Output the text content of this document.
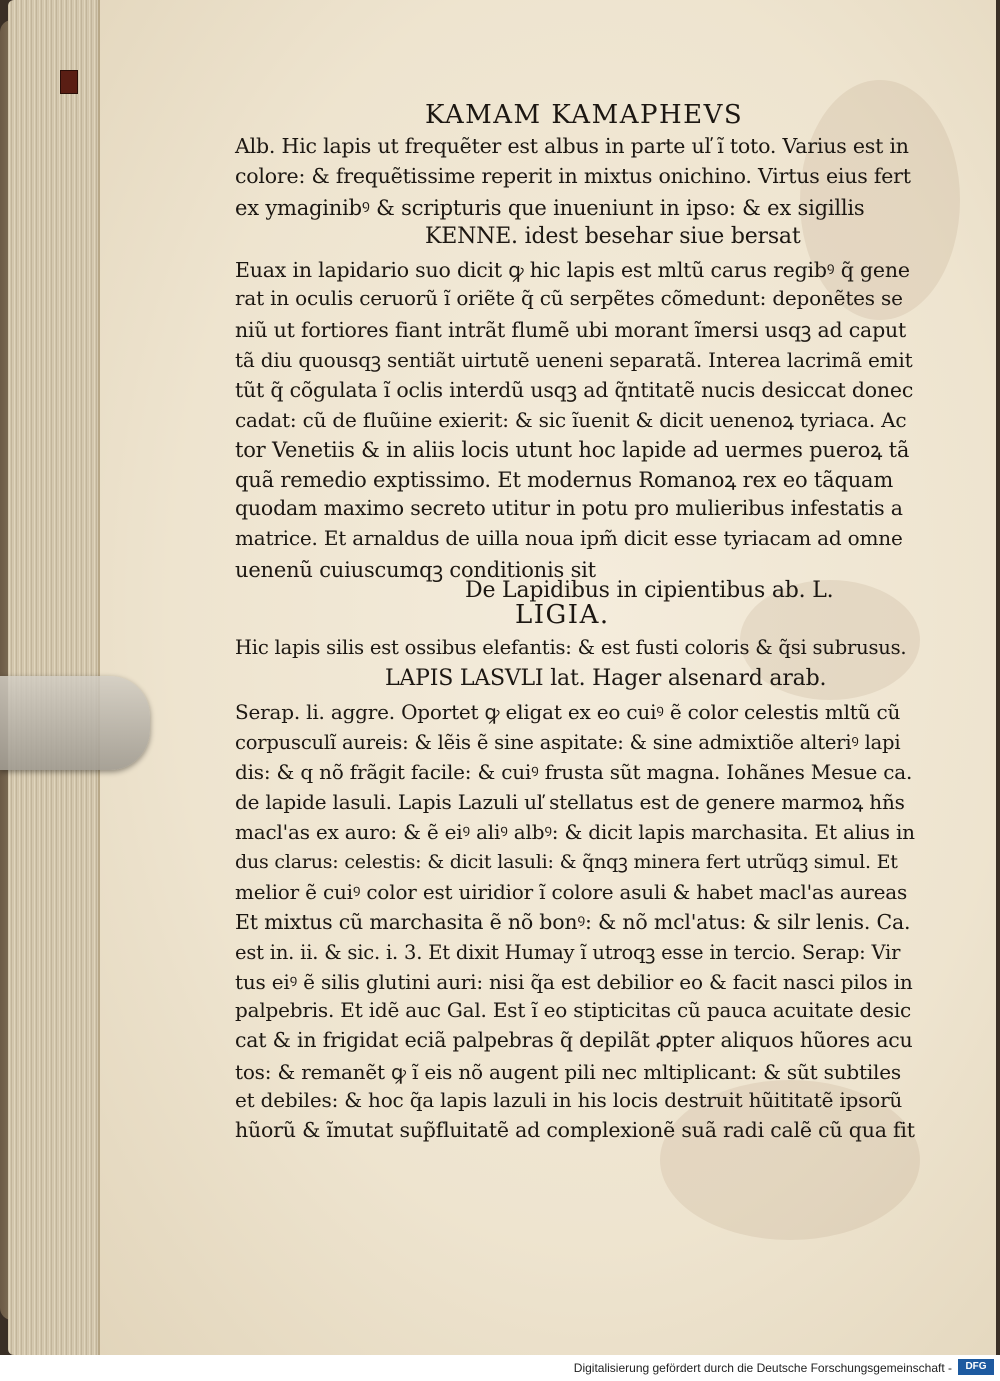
KAMAM KAMAPHEVS
Alb. Hic lapis ut frequẽter est albus in parte uľ ĩ toto. Varius est in
colore: & frequẽtissime reperit in mixtus onichino. Virtus eius fert
ex ymaginibꝰ & scripturis que inueniunt in ipso: & ex sigillis
KENNE. idest besehar siue bersat
Euax in lapidario suo dicit ꝙ hic lapis est mltũ carus regibꝰ q̃ gene
rat in oculis ceruorũ ĩ oriẽte q̃ cũ serpẽtes cõmedunt: deponẽtes se
niũ ut fortiores fiant intrãt flumẽ ubi morant ĩmersi usqꝫ ad caput
tã diu quousqꝫ sentiãt uirtutẽ ueneni separatã. Interea lacrimã emit
tũt q̃ cõgulata ĩ oclis interdũ usqꝫ ad q̃ntitatẽ nucis desiccat donec
cadat: cũ de fluũine exierit: & sic ĩuenit & dicit uenenoꝝ tyriaca. Ac
tor Venetiis & in aliis locis utunt hoc lapide ad uermes pueroꝝ tã
quã remedio exptissimo. Et modernus Romanoꝝ rex eo tãquam
quodam maximo secreto utitur in potu pro mulieribus infestatis a
matrice. Et arnaldus de uilla noua ipm̃ dicit esse tyriacam ad omne
uenenũ cuiuscumqꝫ conditionis sit
De Lapidibus in cipientibus ab. L.
LIGIA.
Hic lapis silis est ossibus elefantis: & est fusti coloris & q̃si subrusus.
LAPIS LASVLI lat. Hager alsenard arab.
Serap. li. aggre. Oportet ꝙ eligat ex eo cuiꝰ ẽ color celestis mltũ cũ
corpusculĩ aureis: & lẽis ẽ sine aspitate: & sine admixtiõe alteriꝰ lapi
dis: & q nõ frãgit facile: & cuiꝰ frusta sũt magna. Iohãnes Mesue ca.
de lapide lasuli. Lapis Lazuli uľ stellatus est de genere marmoꝝ hñs
macl'as ex auro: & ẽ eiꝰ aliꝰ albꝰ: & dicit lapis marchasita. Et alius in
dus clarus: celestis: & dicit lasuli: & q̃nqꝫ minera fert utrũqꝫ simul. Et
melior ẽ cuiꝰ color est uiridior ĩ colore asuli & habet macl'as aureas
Et mixtus cũ marchasita ẽ nõ bonꝰ: & nõ mcl'atus: & silr lenis. Ca.
est in. ii. & sic. i. 3. Et dixit Humay ĩ utroqꝫ esse in tercio. Serap: Vir
tus eiꝰ ẽ silis glutini auri: nisi q̃a est debilior eo & facit nasci pilos in
palpebris. Et idẽ auc Gal. Est ĩ eo stipticitas cũ pauca acuitate desic
cat & in frigidat eciã palpebras q̃ depilãt ꝓpter aliquos hũores acu
tos: & remanẽt ꝙ ĩ eis nõ augent pili nec mltiplicant: & sũt subtiles
et debiles: & hoc q̃a lapis lazuli in his locis destruit hũititatẽ ipsorũ
hũorũ & ĩmutat sup̃fluitatẽ ad complexionẽ suã radi calẽ cũ qua fit
Digitalisierung gefördert durch die Deutsche Forschungsgemeinschaft -	DFG
